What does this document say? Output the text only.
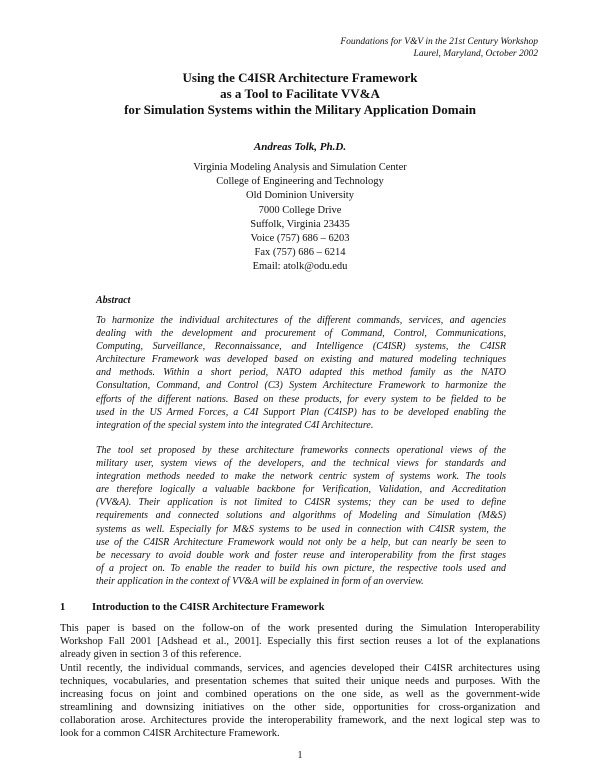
Foundations for V&V in the 21st Century Workshop
Laurel, Maryland, October 2002
Using the C4ISR Architecture Framework
as a Tool to Facilitate VV&A
for Simulation Systems within the Military Application Domain
Andreas Tolk, Ph.D.
Virginia Modeling Analysis and Simulation Center
College of Engineering and Technology
Old Dominion University
7000 College Drive
Suffolk, Virginia 23435
Voice (757) 686 – 6203
Fax (757) 686 – 6214
Email: atolk@odu.edu
Abstract
To harmonize the individual architectures of the different commands, services, and agencies
dealing with the development and procurement of Command, Control, Communications,
Computing, Surveillance, Reconnaissance, and Intelligence (C4ISR) systems, the C4ISR
Architecture Framework was developed based on existing and matured modeling techniques
and methods. Within a short period, NATO adapted this method family as the NATO
Consultation, Command, and Control (C3) System Architecture Framework to harmonize the
efforts of the different nations. Based on these products, for every system to be fielded to be
used in the US Armed Forces, a C4I Support Plan (C4ISP) has to be developed enabling the
integration of the special system into the integrated C4I Architecture.
The tool set proposed by these architecture frameworks connects operational views of the
military user, system views of the developers, and the technical views for standards and
integration methods needed to make the network centric system of systems work. The tools
are therefore logically a valuable backbone for Verification, Validation, and Accreditation
(VV&A). Their application is not limited to C4ISR systems; they can be used to define
requirements and connected solutions and algorithms of Modeling and Simulation (M&S)
systems as well. Especially for M&S systems to be used in connection with C4ISR system, the
use of the C4ISR Architecture Framework would not only be a help, but can nearly be seen to
be necessary to avoid double work and foster reuse and interoperability from the first stages
of a project on. To enable the reader to build his own picture, the respective tools used and
their application in the context of VV&A will be explained in form of an overview.
1	Introduction to the C4ISR Architecture Framework
This paper is based on the follow-on of the work presented during the Simulation Interoperability
Workshop Fall 2001 [Adshead et al., 2001]. Especially this first section reuses a lot of the explanations
already given in section 3 of this reference.
Until recently, the individual commands, services, and agencies developed their C4ISR architectures using
techniques, vocabularies, and presentation schemes that suited their unique needs and purposes. With the
increasing focus on joint and combined operations on the one side, as well as the government-wide
streamlining and downsizing initiatives on the other side, opportunities for cross-organization and
collaboration arose. Architectures provide the interoperability framework, and the next logical step was to
look for a common C4ISR Architecture Framework.
1
